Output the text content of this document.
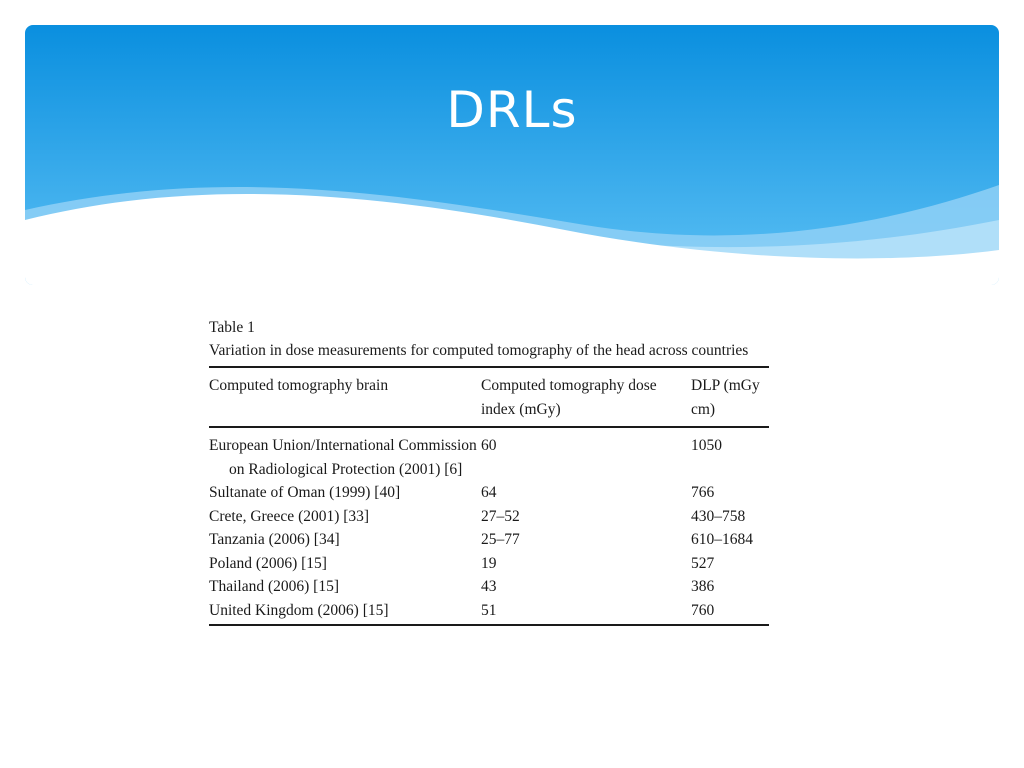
DRLs
Table 1
Variation in dose measurements for computed tomography of the head across countries
Computed tomography brain	Computed tomography dose index (mGy)	DLP (mGy cm)
European Union/International Commission on Radiological Protection (2001) [6]	60	1050
Sultanate of Oman (1999) [40]	64	766
Crete, Greece (2001) [33]	27–52	430–758
Tanzania (2006) [34]	25–77	610–1684
Poland (2006) [15]	19	527
Thailand (2006) [15]	43	386
United Kingdom (2006) [15]	51	760
